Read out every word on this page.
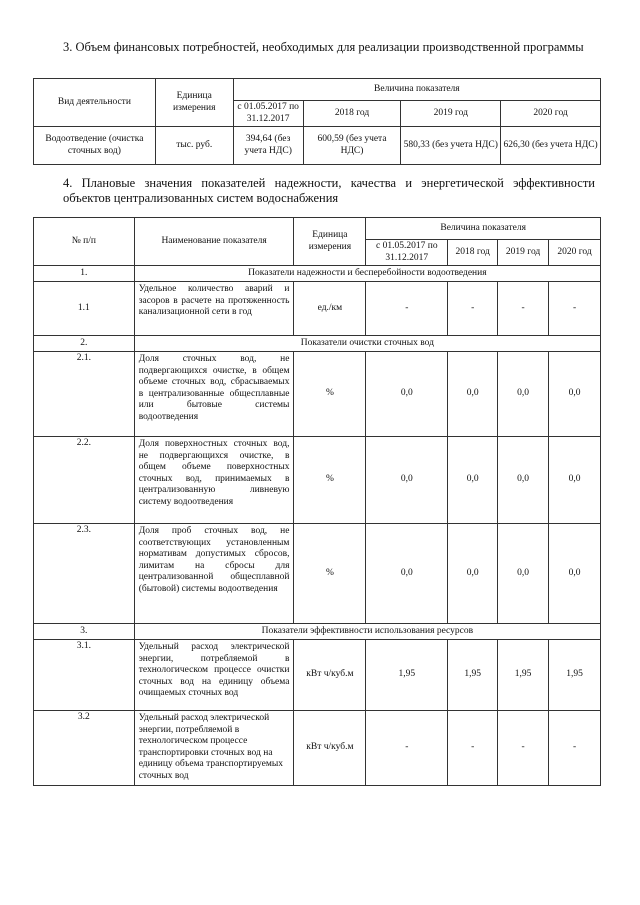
3. Объем финансовых потребностей, необходимых для реализации производственной программы
Вид деятельности	Единица измерения	Величина показателя			
		с 01.05.2017 по 31.12.2017	2018 год	2019 год	2020 год
Водоотведение (очистка сточных вод)	тыс. руб.	394,64 (без учета НДС)	600,59 (без учета НДС)	580,33 (без учета НДС)	626,30 (без учета НДС)
4. Плановые значения показателей надежности, качества и энергетической эффективности объектов централизованных систем водоснабжения
№ п/п	Наименование показателя	Единица измерения	Величина показателя			
			с 01.05.2017 по 31.12.2017	2018 год	2019 год	2020 год
1.	Показатели надежности и бесперебойности водоотведения					
1.1	Удельное количество аварий и засоров в расчете на протяженность канализационной сети в год	ед./км	-	-	-	-
2.	Показатели очистки сточных вод					
2.1.	Доля сточных вод, не подвергающихся очистке, в общем объеме сточных вод, сбрасываемых в централизованные общесплавные или бытовые системы водоотведения	%	0,0	0,0	0,0	0,0
2.2.	Доля поверхностных сточных вод, не подвергающихся очистке, в общем объеме поверхностных сточных вод, принимаемых в централизованную ливневую систему водоотведения	%	0,0	0,0	0,0	0,0
2.3.	Доля проб сточных вод, не соответствующих установленным нормативам допустимых сбросов, лимитам на сбросы для централизованной общесплавной (бытовой) системы водоотведения	%	0,0	0,0	0,0	0,0
3.	Показатели эффективности использования ресурсов					
3.1.	Удельный расход электрической энергии, потребляемой в технологическом процессе очистки сточных вод на единицу объема очищаемых сточных вод	кВт ч/куб.м	1,95	1,95	1,95	1,95
3.2	Удельный расход электрической энергии, потребляемой в технологическом процессе транспортировки сточных вод на единицу объема транспортируемых сточных вод	кВт ч/куб.м	-	-	-	-
